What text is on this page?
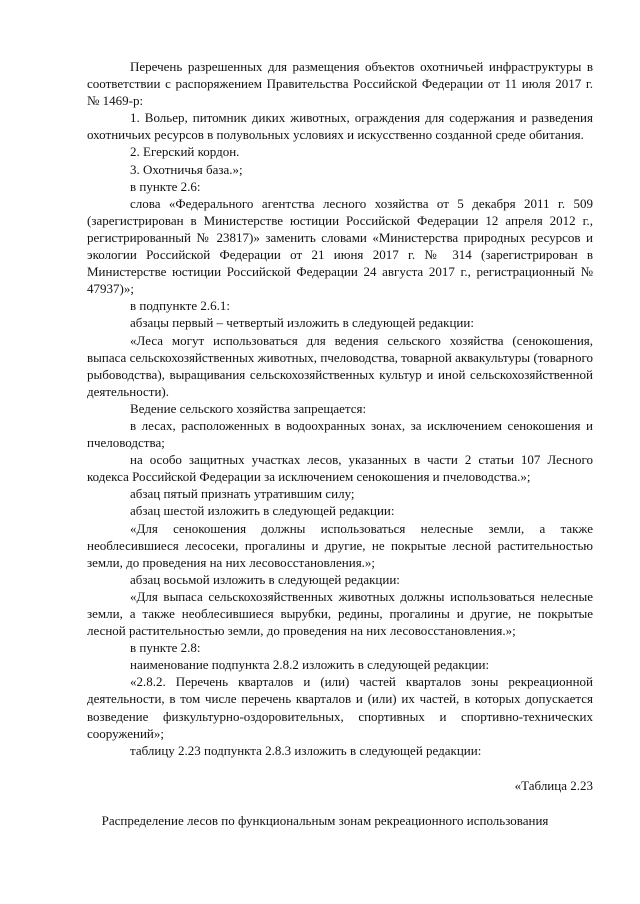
Перечень разрешенных для размещения объектов охотничьей инфраструктуры в соответствии с распоряжением Правительства Российской Федерации от 11 июля 2017 г. № 1469-р:

1. Вольер, питомник диких животных, ограждения для содержания и разведения охотничьих ресурсов в полувольных условиях и искусственно созданной среде обитания.

2. Егерский кордон.

3. Охотничья база.»;

в пункте 2.6:

слова «Федерального агентства лесного хозяйства от 5 декабря 2011 г. 509 (зарегистрирован в Министерстве юстиции Российской Федерации 12 апреля 2012 г., регистрированный № 23817)» заменить словами «Министерства природных ресурсов и экологии Российской Федерации от 21 июня 2017 г. № 314 (зарегистрирован в Министерстве юстиции Российской Федерации 24 августа 2017 г., регистрационный № 47937)»;

в подпункте 2.6.1:

абзацы первый – четвертый изложить в следующей редакции:

«Леса могут использоваться для ведения сельского хозяйства (сенокошения, выпаса сельскохозяйственных животных, пчеловодства, товарной аквакультуры (товарного рыбоводства), выращивания сельскохозяйственных культур и иной сельскохозяйственной деятельности).

Ведение сельского хозяйства запрещается:

в лесах, расположенных в водоохранных зонах, за исключением сенокошения и пчеловодства;

на особо защитных участках лесов, указанных в части 2 статьи 107 Лесного кодекса Российской Федерации за исключением сенокошения и пчеловодства.»;

абзац пятый признать утратившим силу;

абзац шестой изложить в следующей редакции:

«Для сенокошения должны использоваться нелесные земли, а также необлесившиеся лесосеки, прогалины и другие, не покрытые лесной растительностью земли, до проведения на них лесовосстановления.»;

абзац восьмой изложить в следующей редакции:

«Для выпаса сельскохозяйственных животных должны использоваться нелесные земли, а также необлесившиеся вырубки, редины, прогалины и другие, не покрытые лесной растительностью земли, до проведения на них лесовосстановления.»;

в пункте 2.8:

наименование подпункта 2.8.2 изложить в следующей редакции:

«2.8.2. Перечень кварталов и (или) частей кварталов зоны рекреационной деятельности, в том числе перечень кварталов и (или) их частей, в которых допускается возведение физкультурно-оздоровительных, спортивных и спортивно-технических сооружений»;

таблицу 2.23 подпункта 2.8.3 изложить в следующей редакции:

«Таблица 2.23
Распределение лесов по функциональным зонам рекреационного использования
